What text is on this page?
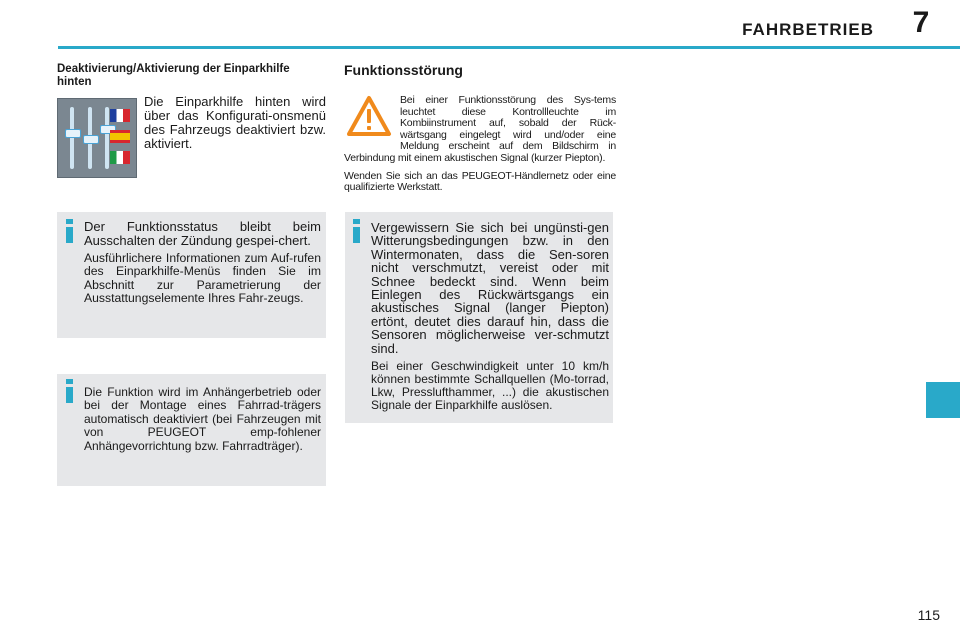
FAHRBETRIEB 7
Deaktivierung/Aktivierung der Einparkhilfe hinten
Die Einparkhilfe hinten wird über das Konfigurati-onsmenü des Fahrzeugs deaktiviert bzw. aktiviert.

Der Funktionsstatus bleibt beim Ausschalten der Zündung gespei-chert.

Ausführlichere Informationen zum Auf-rufen des Einparkhilfe-Menüs finden Sie im Abschnitt zur Parametrierung der Ausstattungselemente Ihres Fahr-zeugs.

Die Funktion wird im Anhängerbetrieb oder bei der Montage eines Fahrrad-trägers automatisch deaktiviert (bei Fahrzeugen mit von PEUGEOT emp-fohlener Anhängevorrichtung bzw. Fahrradträger).

Funktionsstörung

Bei einer Funktionsstörung des Sys-tems leuchtet diese Kontrollleuchte im Kombiinstrument auf, sobald der Rück-wärtsgang eingelegt wird und/oder eine Meldung erscheint auf dem Bildschirm in Verbindung mit einem akustischen Signal (kurzer Piepton).

Wenden Sie sich an das PEUGEOT-Händlernetz oder eine qualifizierte Werkstatt.

Vergewissern Sie sich bei ungünsti-gen Witterungsbedingungen bzw. in den Wintermonaten, dass die Sen-soren nicht verschmutzt, vereist oder mit Schnee bedeckt sind. Wenn beim Einlegen des Rückwärtsgangs ein akustisches Signal (langer Piepton) ertönt, deutet dies darauf hin, dass die Sensoren möglicherweise ver-schmutzt sind.

Bei einer Geschwindigkeit unter 10 km/h können bestimmte Schallquellen (Mo-torrad, Lkw, Presslufthammer, ...) die akustischen Signale der Einparkhilfe auslösen.

115
